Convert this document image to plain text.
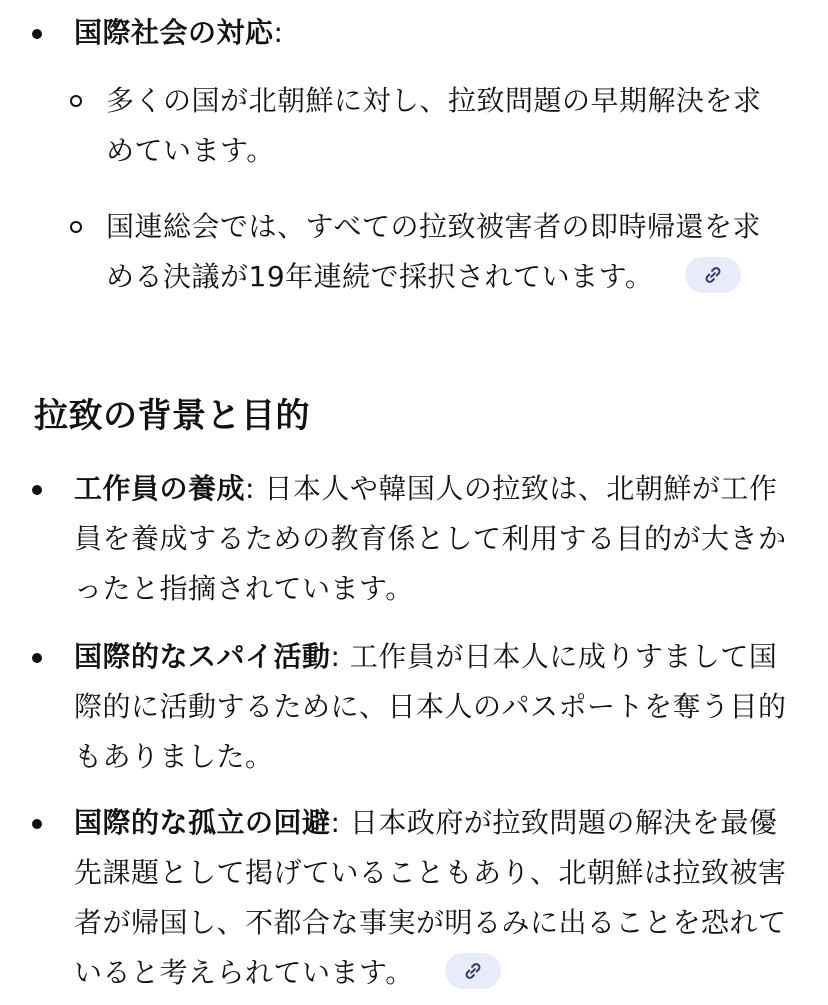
国際社会の対応:
多くの国が北朝鮮に対し、拉致問題の早期解決を求めています。
国連総会では、すべての拉致被害者の即時帰還を求める決議が19年連続で採択されています。
拉致の背景と目的
工作員の養成: 日本人や韓国人の拉致は、北朝鮮が工作員を養成するための教育係として利用する目的が大きかったと指摘されています。
国際的なスパイ活動: 工作員が日本人に成りすまして国際的に活動するために、日本人のパスポートを奪う目的もありました。
国際的な孤立の回避: 日本政府が拉致問題の解決を最優先課題として掲げていることもあり、北朝鮮は拉致被害者が帰国し、不都合な事実が明るみに出ることを恐れていると考えられています。
